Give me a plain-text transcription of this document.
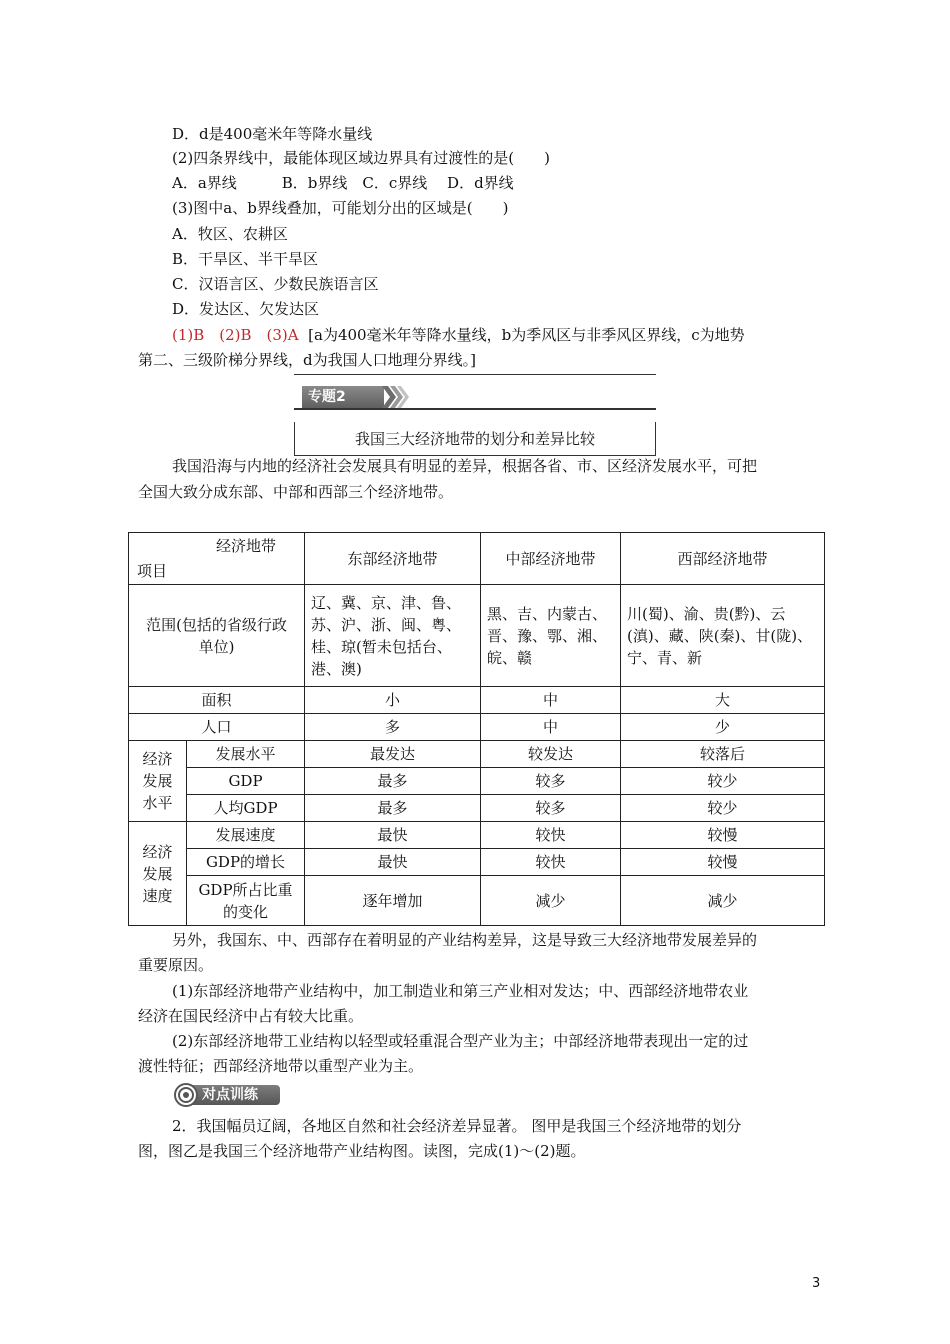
D．d是400毫米年等降水量线
(2)四条界线中，最能体现区域边界具有过渡性的是(　　)
A．a界线　　　B．b界线　C．c界线　 D．d界线
(3)图中a、b界线叠加，可能划分出的区域是(　　)
A．牧区、农耕区
B．干旱区、半干旱区
C．汉语言区、少数民族语言区
D．发达区、欠发达区
(1)B　(2)B　(3)A [a为400毫米年等降水量线，b为季风区与非季风区界线，c为地势
第二、三级阶梯分界线，d为我国人口地理分界线。]
专题2
我国三大经济地带的划分和差异比较
我国沿海与内地的经济社会发展具有明显的差异，根据各省、市、区经济发展水平，可把
全国大致分成东部、中部和西部三个经济地带。
经济地带
项目		东部经济地带	中部经济地带	西部经济地带
范围(包括的省级行政单位)		辽、冀、京、津、鲁、苏、沪、浙、闽、粤、桂、琼(暂未包括台、港、澳)	黑、吉、内蒙古、晋、豫、鄂、湘、皖、赣	川(蜀)、渝、贵(黔)、云(滇)、藏、陕(秦)、甘(陇)、宁、青、新
面积		小	中	大
人口		多	中	少
经济发展水平	发展水平	最发达	较发达	较落后
	GDP	最多	较多	较少
	人均GDP	最多	较多	较少
经济发展速度	发展速度	最快	较快	较慢
	GDP的增长	最快	较快	较慢
	GDP所占比重的变化	逐年增加	减少	减少
另外，我国东、中、西部存在着明显的产业结构差异，这是导致三大经济地带发展差异的
重要原因。
(1)东部经济地带产业结构中，加工制造业和第三产业相对发达；中、西部经济地带农业
经济在国民经济中占有较大比重。
(2)东部经济地带工业结构以轻型或轻重混合型产业为主；中部经济地带表现出一定的过
渡性特征；西部经济地带以重型产业为主。
对点训练
2．我国幅员辽阔，各地区自然和社会经济差异显著。 图甲是我国三个经济地带的划分
图，图乙是我国三个经济地带产业结构图。读图，完成(1)～(2)题。
3
